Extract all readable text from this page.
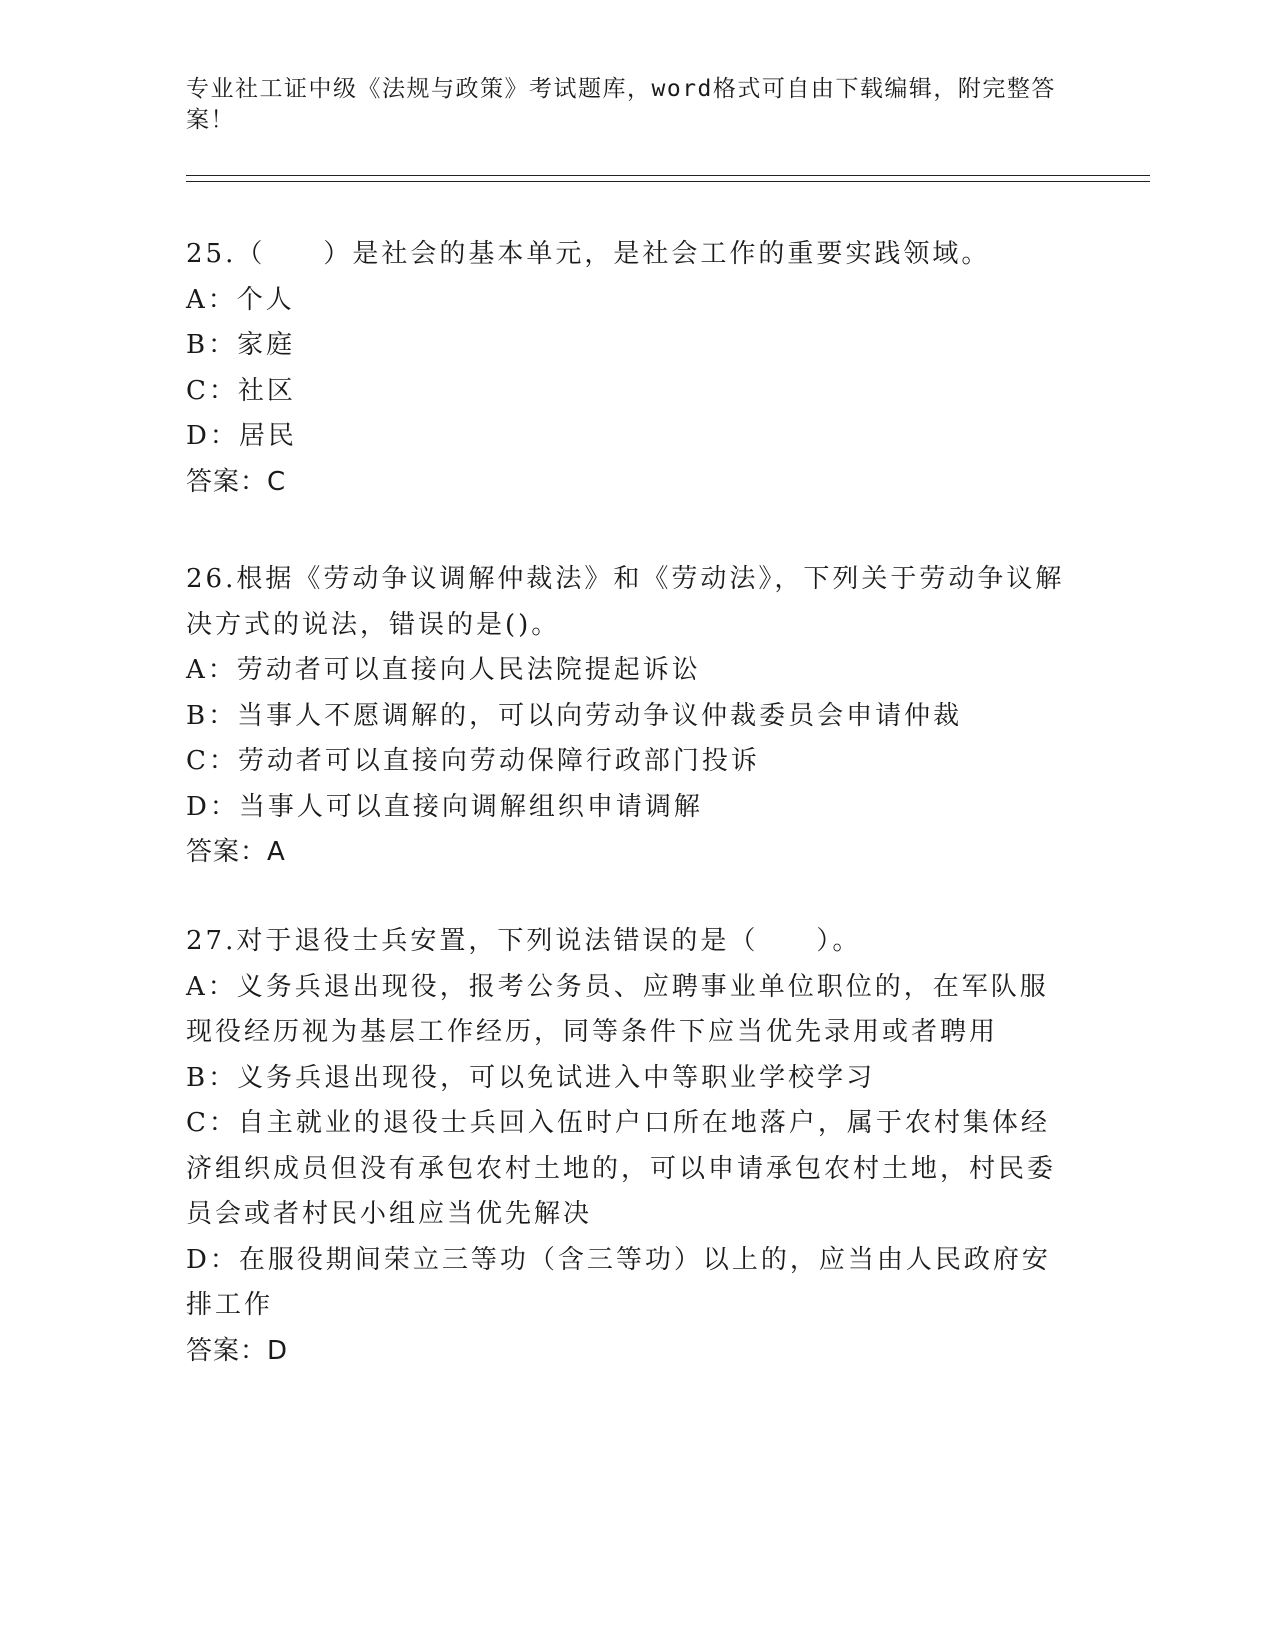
专业社工证中级《法规与政策》考试题库，word格式可自由下载编辑，附完整答案！

25.（　　）是社会的基本单元，是社会工作的重要实践领域。

A：个人

B：家庭

C：社区

D：居民

答案：C

26.根据《劳动争议调解仲裁法》和《劳动法》，下列关于劳动争议解决方式的说法，错误的是()。

A：劳动者可以直接向人民法院提起诉讼

B：当事人不愿调解的，可以向劳动争议仲裁委员会申请仲裁

C：劳动者可以直接向劳动保障行政部门投诉

D：当事人可以直接向调解组织申请调解

答案：A

27.对于退役士兵安置，下列说法错误的是（　　）。

A：义务兵退出现役，报考公务员、应聘事业单位职位的，在军队服现役经历视为基层工作经历，同等条件下应当优先录用或者聘用

B：义务兵退出现役，可以免试进入中等职业学校学习

C：自主就业的退役士兵回入伍时户口所在地落户，属于农村集体经济组织成员但没有承包农村土地的，可以申请承包农村土地，村民委员会或者村民小组应当优先解决

D：在服役期间荣立三等功（含三等功）以上的，应当由人民政府安排工作

答案：D
